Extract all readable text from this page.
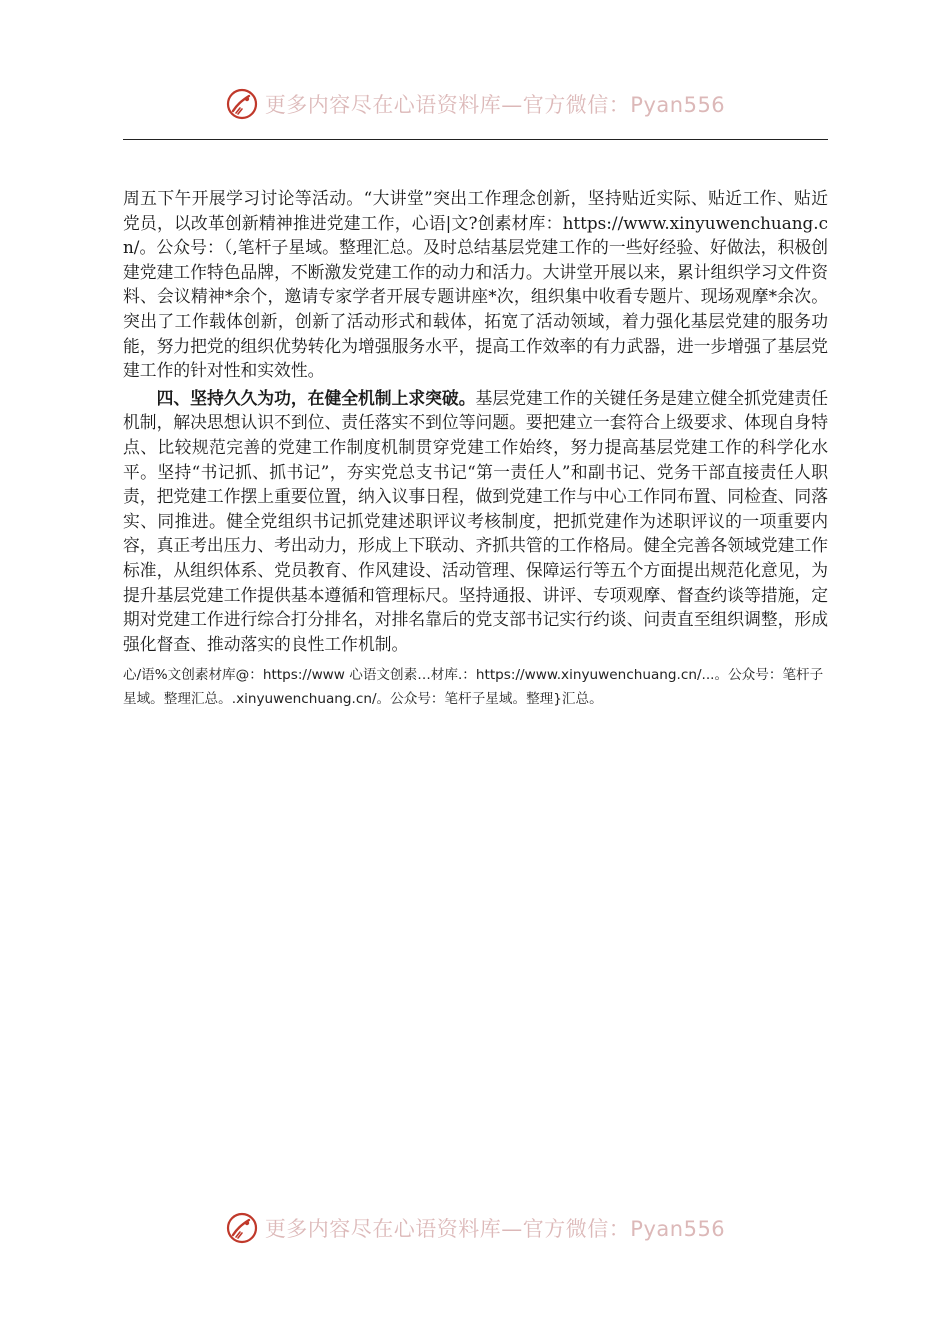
更多内容尽在心语资料库—官方微信：Pyan556

周五下午开展学习讨论等活动。“大讲堂”突出工作理念创新，坚持贴近实际、贴近工作、贴近党员，以改革创新精神推进党建工作，心语|文?创素材库：https://www.xinyuwenchuang.cn/。公众号：（,笔杆子星域。整理汇总。及时总结基层党建工作的一些好经验、好做法，积极创建党建工作特色品牌，不断激发党建工作的动力和活力。大讲堂开展以来，累计组织学习文件资料、会议精神*余个，邀请专家学者开展专题讲座*次，组织集中收看专题片、现场观摩*余次。突出了工作载体创新，创新了活动形式和载体，拓宽了活动领域，着力强化基层党建的服务功能，努力把党的组织优势转化为增强服务水平，提高工作效率的有力武器，进一步增强了基层党建工作的针对性和实效性。

四、坚持久久为功，在健全机制上求突破。基层党建工作的关键任务是建立健全抓党建责任机制，解决思想认识不到位、责任落实不到位等问题。要把建立一套符合上级要求、体现自身特点、比较规范完善的党建工作制度机制贯穿党建工作始终，努力提高基层党建工作的科学化水平。坚持“书记抓、抓书记”，夯实党总支书记“第一责任人”和副书记、党务干部直接责任人职责，把党建工作摆上重要位置，纳入议事日程，做到党建工作与中心工作同布置、同检查、同落实、同推进。健全党组织书记抓党建述职评议考核制度，把抓党建作为述职评议的一项重要内容，真正考出压力、考出动力，形成上下联动、齐抓共管的工作格局。健全完善各领域党建工作标准，从组织体系、党员教育、作风建设、活动管理、保障运行等五个方面提出规范化意见，为提升基层党建工作提供基本遵循和管理标尺。坚持通报、讲评、专项观摩、督查约谈等措施，定期对党建工作进行综合打分排名，对排名靠后的党支部书记实行约谈、问责直至组织调整，形成强化督查、推动落实的良性工作机制。

心/语%文创素材库@：https://www 心语文创素…材库.：https://www.xinyuwenchuang.cn/...。公众号：笔杆子星域。整理汇总。.xinyuwenchuang.cn/。公众号：笔杆子星域。整理}汇总。

更多内容尽在心语资料库—官方微信：Pyan556
